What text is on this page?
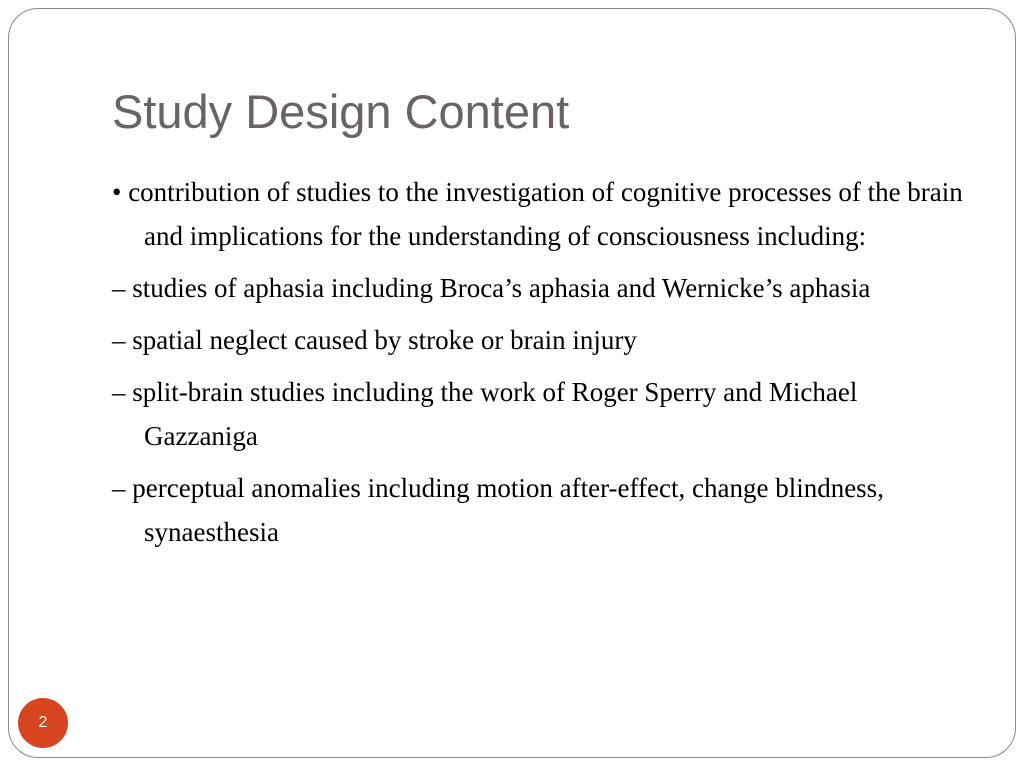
Study Design Content
• contribution of studies to the investigation of cognitive processes of the brain and implications for the understanding of consciousness including:
– studies of aphasia including Broca’s aphasia and Wernicke’s aphasia
– spatial neglect caused by stroke or brain injury
– split-brain studies including the work of Roger Sperry and Michael Gazzaniga
– perceptual anomalies including motion after-effect, change blindness, synaesthesia
2
